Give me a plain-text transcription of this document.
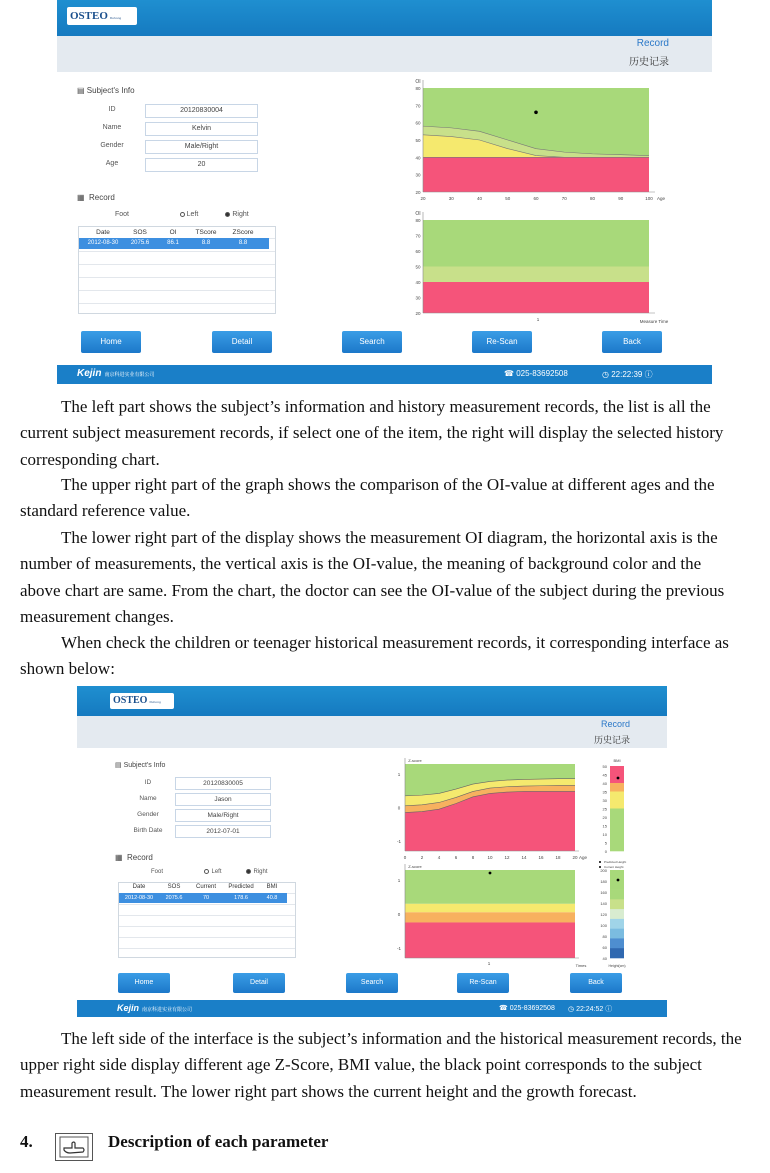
OSTEO Ruhong
Record
历史记录
▤ Subject's Info
ID	20120830004
Name	Kelvin
Gender	Male/Right
Age	20
▦ Record
Foot	Left	Right
Date	SOS	OI	TScore	ZScore
2012-08-30	2075.6	86.1	8.8	8.8
OI
80
70
60
50
40
30
20
20	30	40	50	60	70	80	90	100 Age
OI
80
70
60
50
40
30
20
1	Measure Time
Home	Detail	Search	Re-Scan	Back
Kejin 南京科进实业有限公司	☎ 025-83692508	◷ 22:22:39 ⓘ

The left part shows the subject’s information and history measurement records, the list is all the current subject measurement records, if select one of the item, the right will display the selected history corresponding chart.

The upper right part of the graph shows the comparison of the OI-value at different ages and the standard reference value.

The lower right part of the display shows the measurement OI diagram, the horizontal axis is the number of measurements, the vertical axis is the OI-value, the meaning of background color and the above chart are same. From the chart, the doctor can see the OI-value of the subject during the previous measurement changes.

When check the children or teenager historical measurement records, it corresponding interface as shown below:

OSTEO Ruhong
Record
历史记录
▤ Subject's Info
ID	20120830005
Name	Jason
Gender	Male/Right
Birth Date	2012-07-01
▦ Record
Foot	Left	Right
Date	SOS	Current	Predicted	BMI
2012-08-30	2075.6	70	178.6	40.8
Z-score
1
0
-1
0	2	4	6	8	10	12	14	16	18	20 Age
BMI
50
45
40
35
30
25
20
15
10
5
0
Predicted Height
Current Height
Z-score
1
0
-1
1	Times
200
180
160
140
120
100
80
60
40
Height(cm)
Home	Detail	Search	Re-Scan	Back
Kejin 南京科进实业有限公司	☎ 025-83692508 ◷ 22:24:52 ⓘ

The left side of the interface is the subject’s information and the historical measurement records, the upper right side display different age Z-Score, BMI value, the black point corresponds to the subject measurement result. The lower right part shows the current height and the growth forecast.

4.	Description of each parameter
